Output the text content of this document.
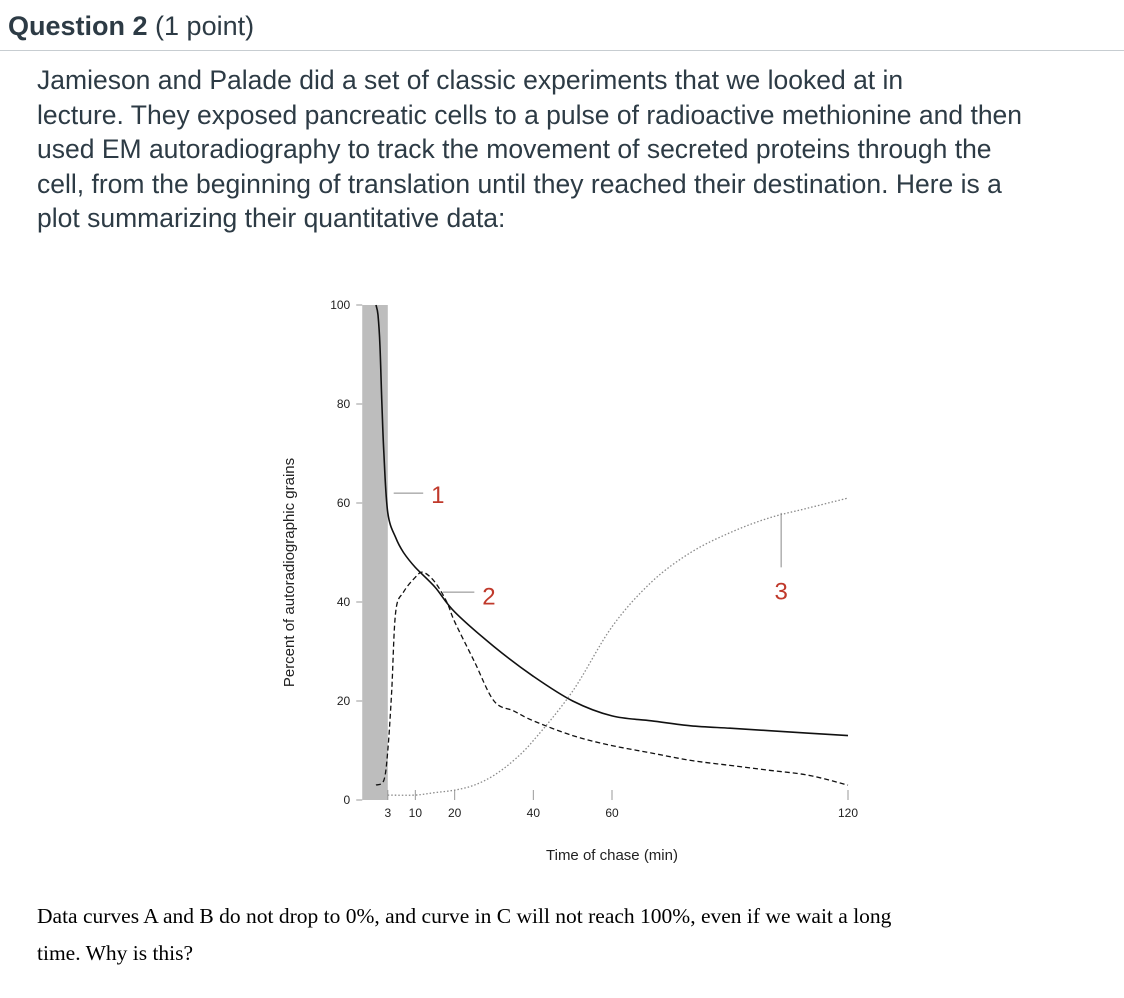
Question 2 (1 point)
Jamieson and Palade did a set of classic experiments that we looked at in
lecture. They exposed pancreatic cells to a pulse of radioactive methionine and then
used EM autoradiography to track the movement of secreted proteins through the
cell, from the beginning of translation until they reached their destination. Here is a
plot summarizing their quantitative data:
0
20
40
60
80
100
3 10 20	40	60	120
Time of chase (min)
Percent of autoradiographic grains	1
2	3
Data curves A and B do not drop to 0%, and curve in C will not reach 100%, even if we wait a long
time. Why is this?
